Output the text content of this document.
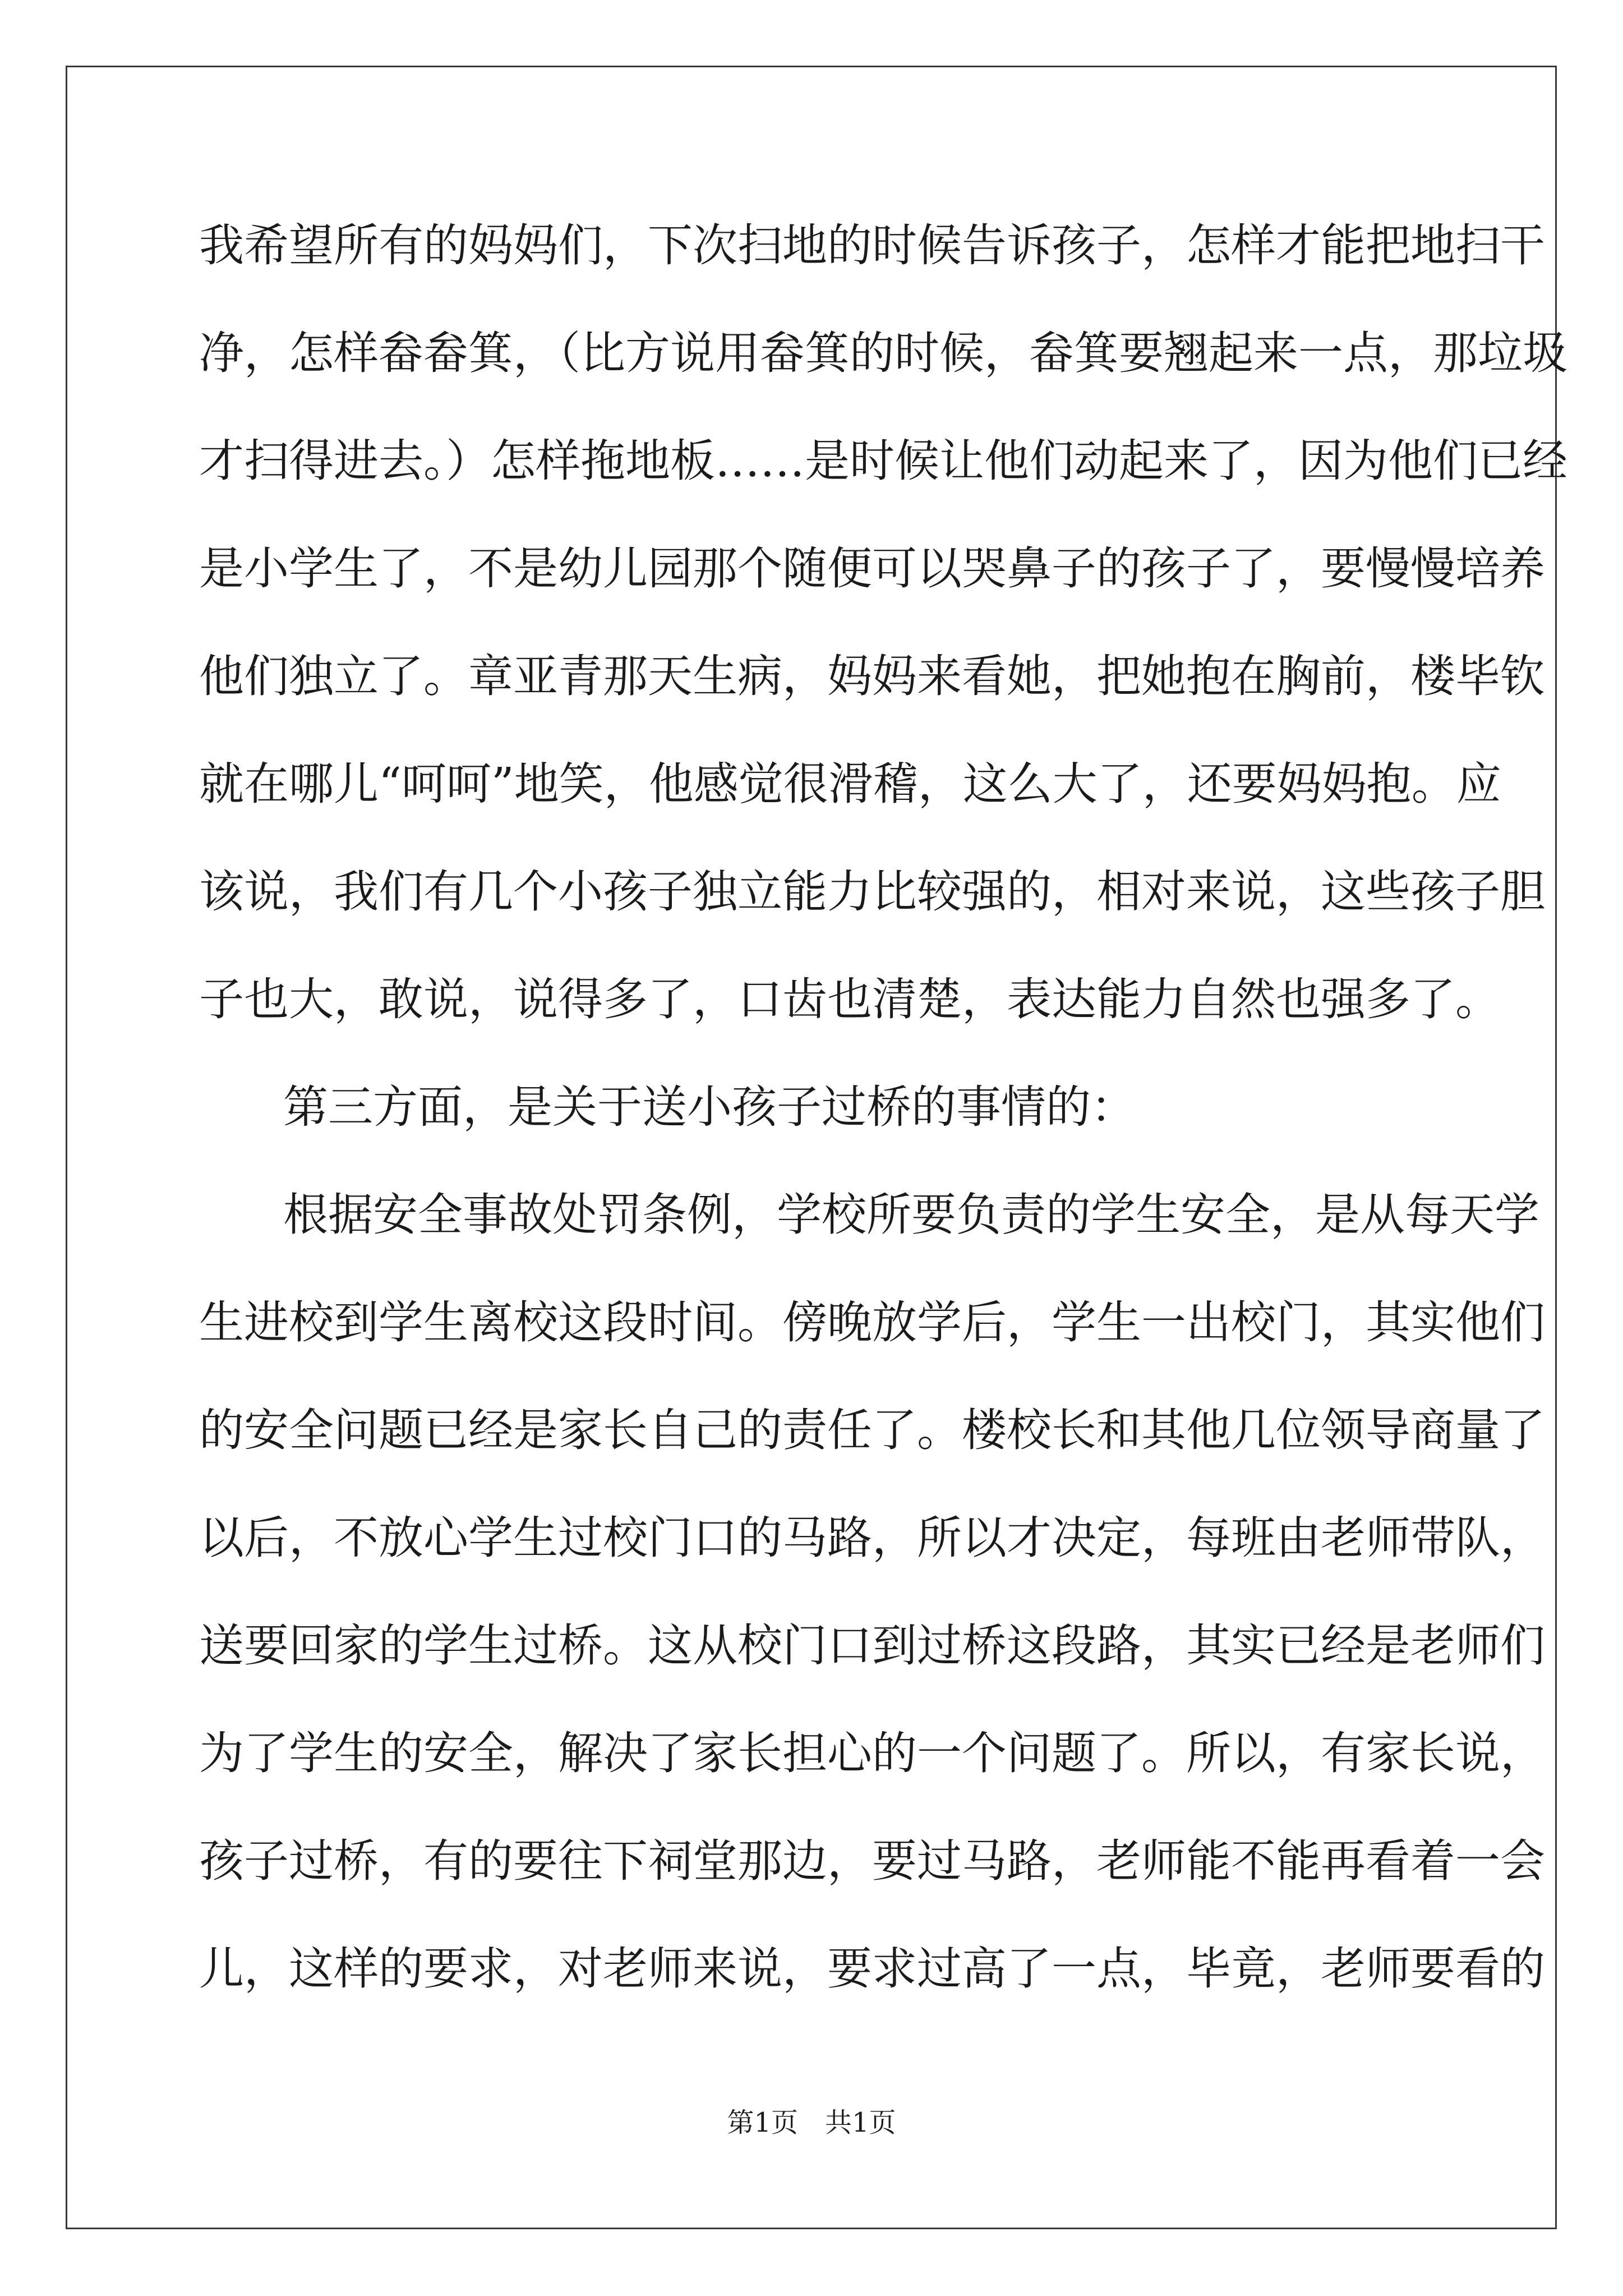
我希望所有的妈妈们，下次扫地的时候告诉孩子，怎样才能把地扫干
净，怎样畚畚箕，（比方说用畚箕的时候，畚箕要翘起来一点，那垃圾
才扫得进去。）怎样拖地板……是时候让他们动起来了，因为他们已经
是小学生了，不是幼儿园那个随便可以哭鼻子的孩子了，要慢慢培养
他们独立了。章亚青那天生病，妈妈来看她，把她抱在胸前，楼毕钦
就在哪儿“呵呵”地笑，他感觉很滑稽，这么大了，还要妈妈抱。应
该说，我们有几个小孩子独立能力比较强的，相对来说，这些孩子胆
子也大，敢说，说得多了，口齿也清楚，表达能力自然也强多了。
第三方面，是关于送小孩子过桥的事情的：
根据安全事故处罚条例，学校所要负责的学生安全，是从每天学
生进校到学生离校这段时间。傍晚放学后，学生一出校门，其实他们
的安全问题已经是家长自己的责任了。楼校长和其他几位领导商量了
以后，不放心学生过校门口的马路，所以才决定，每班由老师带队，
送要回家的学生过桥。这从校门口到过桥这段路，其实已经是老师们
为了学生的安全，解决了家长担心的一个问题了。所以，有家长说，
孩子过桥，有的要往下祠堂那边，要过马路，老师能不能再看着一会
儿，这样的要求，对老师来说，要求过高了一点，毕竟，老师要看的
第1页　共1页
